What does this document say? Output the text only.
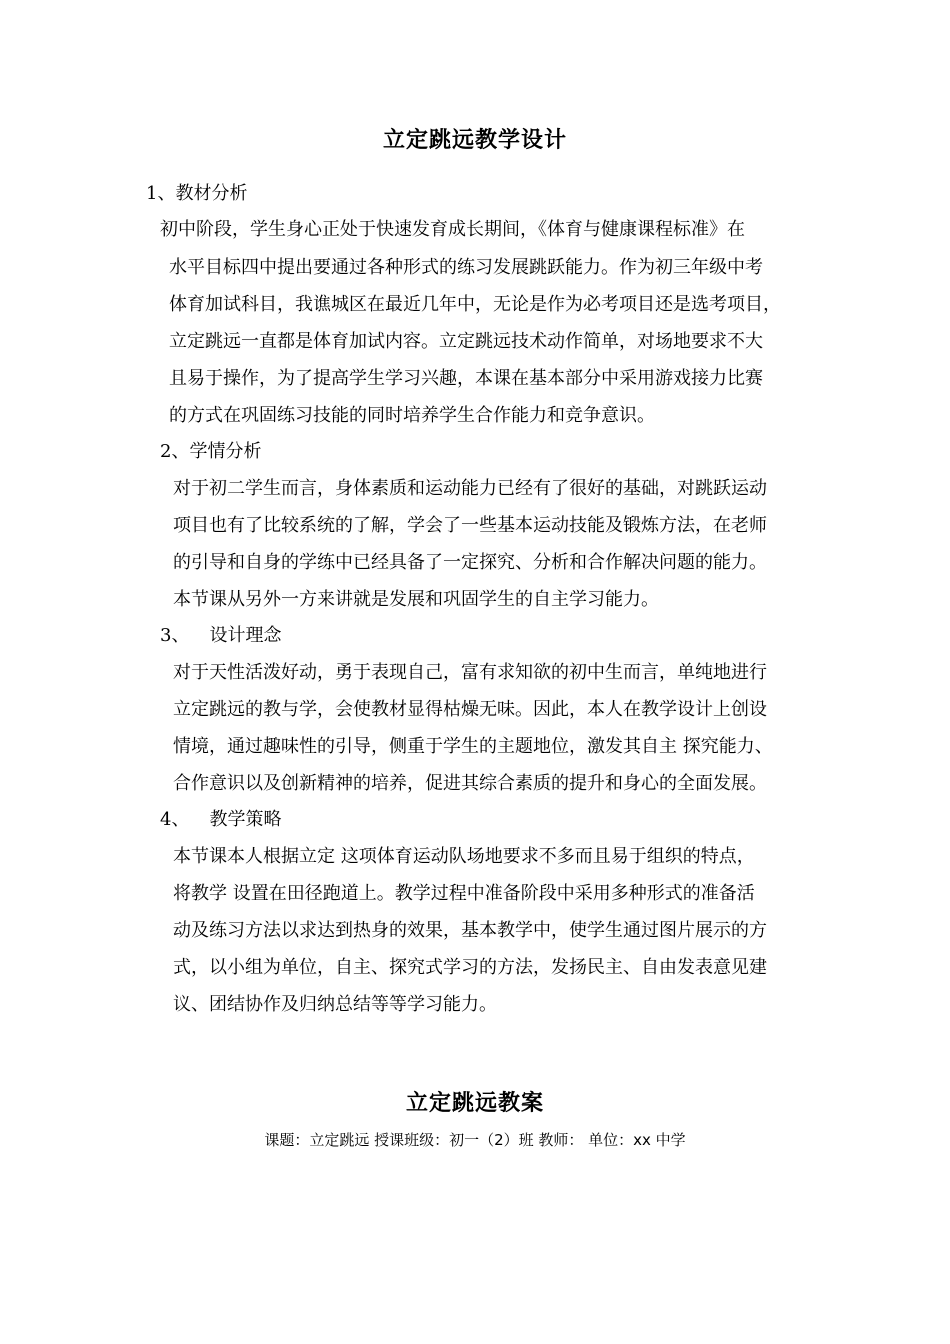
立定跳远教学设计
1、教材分析
初中阶段，学生身心正处于快速发育成长期间，《体育与健康课程标准》在
水平目标四中提出要通过各种形式的练习发展跳跃能力。作为初三年级中考
体育加试科目，我谯城区在最近几年中，无论是作为必考项目还是选考项目，
立定跳远一直都是体育加试内容。立定跳远技术动作简单，对场地要求不大
且易于操作，为了提高学生学习兴趣，本课在基本部分中采用游戏接力比赛
的方式在巩固练习技能的同时培养学生合作能力和竞争意识。
2、学情分析
对于初二学生而言，身体素质和运动能力已经有了很好的基础，对跳跃运动
项目也有了比较系统的了解，学会了一些基本运动技能及锻炼方法，在老师
的引导和自身的学练中已经具备了一定探究、分析和合作解决问题的能力。
本节课从另外一方来讲就是发展和巩固学生的自主学习能力。
3、 设计理念
对于天性活泼好动，勇于表现自己，富有求知欲的初中生而言，单纯地进行
立定跳远的教与学，会使教材显得枯燥无味。因此，本人在教学设计上创设
情境，通过趣味性的引导，侧重于学生的主题地位，激发其自主 探究能力、
合作意识以及创新精神的培养，促进其综合素质的提升和身心的全面发展。
4、 教学策略
本节课本人根据立定 这项体育运动队场地要求不多而且易于组织的特点，
将教学 设置在田径跑道上。教学过程中准备阶段中采用多种形式的准备活
动及练习方法以求达到热身的效果，基本教学中，使学生通过图片展示的方
式，以小组为单位，自主、探究式学习的方法，发扬民主、自由发表意见建
议、团结协作及归纳总结等等学习能力。
立定跳远教案
课题：立定跳远 授课班级：初一（2）班 教师： 单位：xx 中学
